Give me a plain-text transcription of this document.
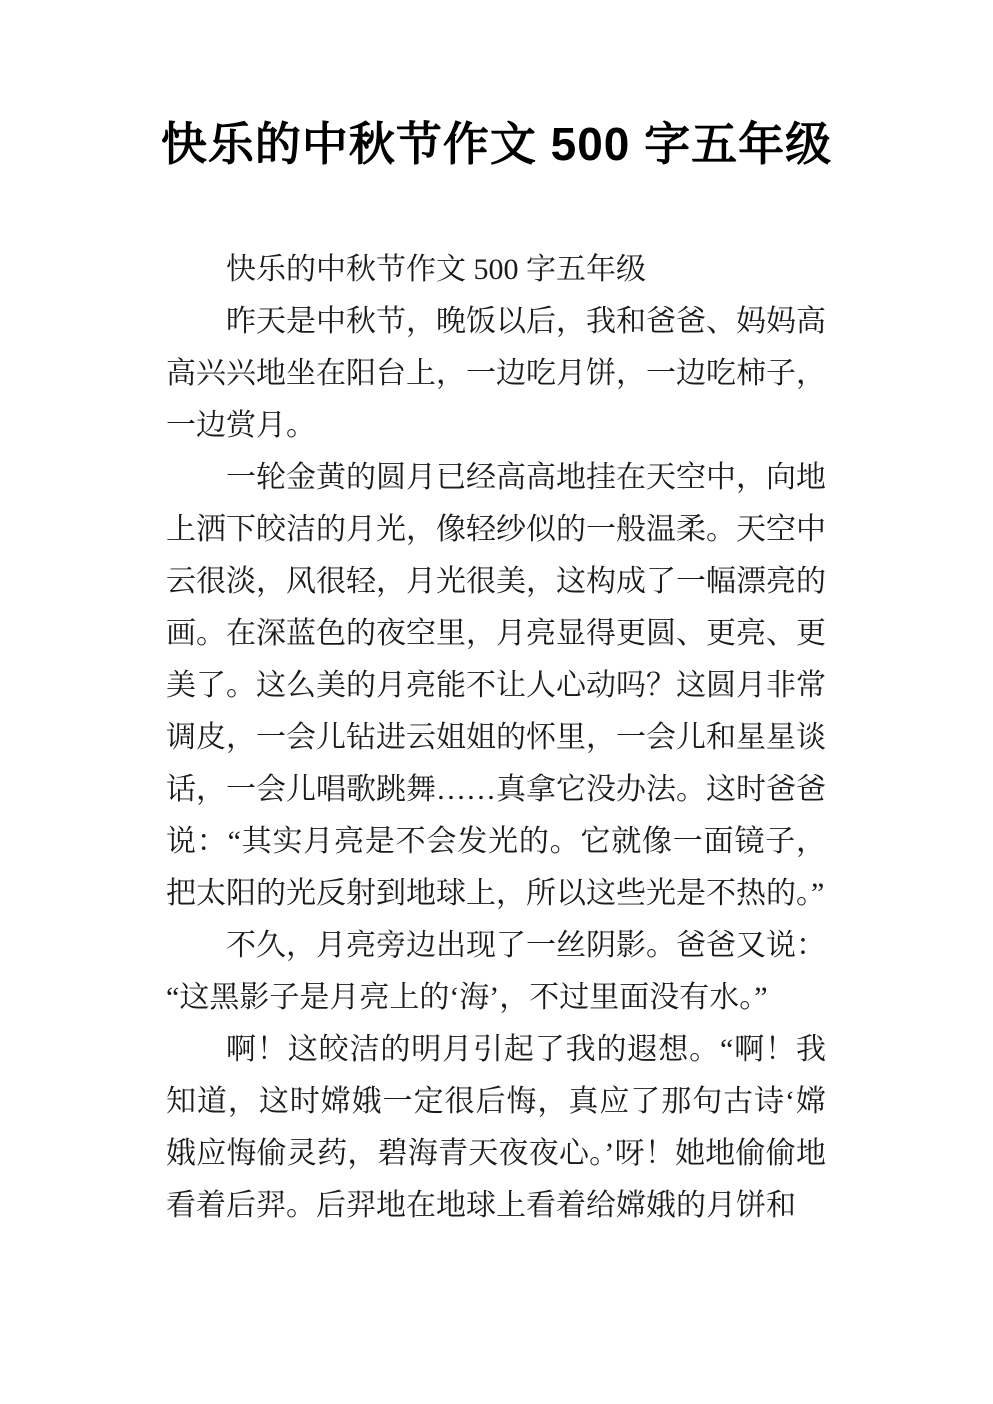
快乐的中秋节作文 500 字五年级

快乐的中秋节作文 500 字五年级

昨天是中秋节，晚饭以后，我和爸爸、妈妈高高兴兴地坐在阳台上，一边吃月饼，一边吃柿子，一边赏月。

一轮金黄的圆月已经高高地挂在天空中，向地上洒下皎洁的月光，像轻纱似的一般温柔。天空中云很淡，风很轻，月光很美，这构成了一幅漂亮的画。在深蓝色的夜空里，月亮显得更圆、更亮、更美了。这么美的月亮能不让人心动吗？这圆月非常调皮，一会儿钻进云姐姐的怀里，一会儿和星星谈话，一会儿唱歌跳舞……真拿它没办法。这时爸爸说：“其实月亮是不会发光的。它就像一面镜子，把太阳的光反射到地球上，所以这些光是不热的。”

不久，月亮旁边出现了一丝阴影。爸爸又说：“这黑影子是月亮上的‘海’，不过里面没有水。”

啊！这皎洁的明月引起了我的遐想。“啊！我知道，这时嫦娥一定很后悔，真应了那句古诗‘嫦娥应悔偷灵药，碧海青天夜夜心。’呀！她地偷偷地看着后羿。后羿地在地球上看着给嫦娥的月饼和
